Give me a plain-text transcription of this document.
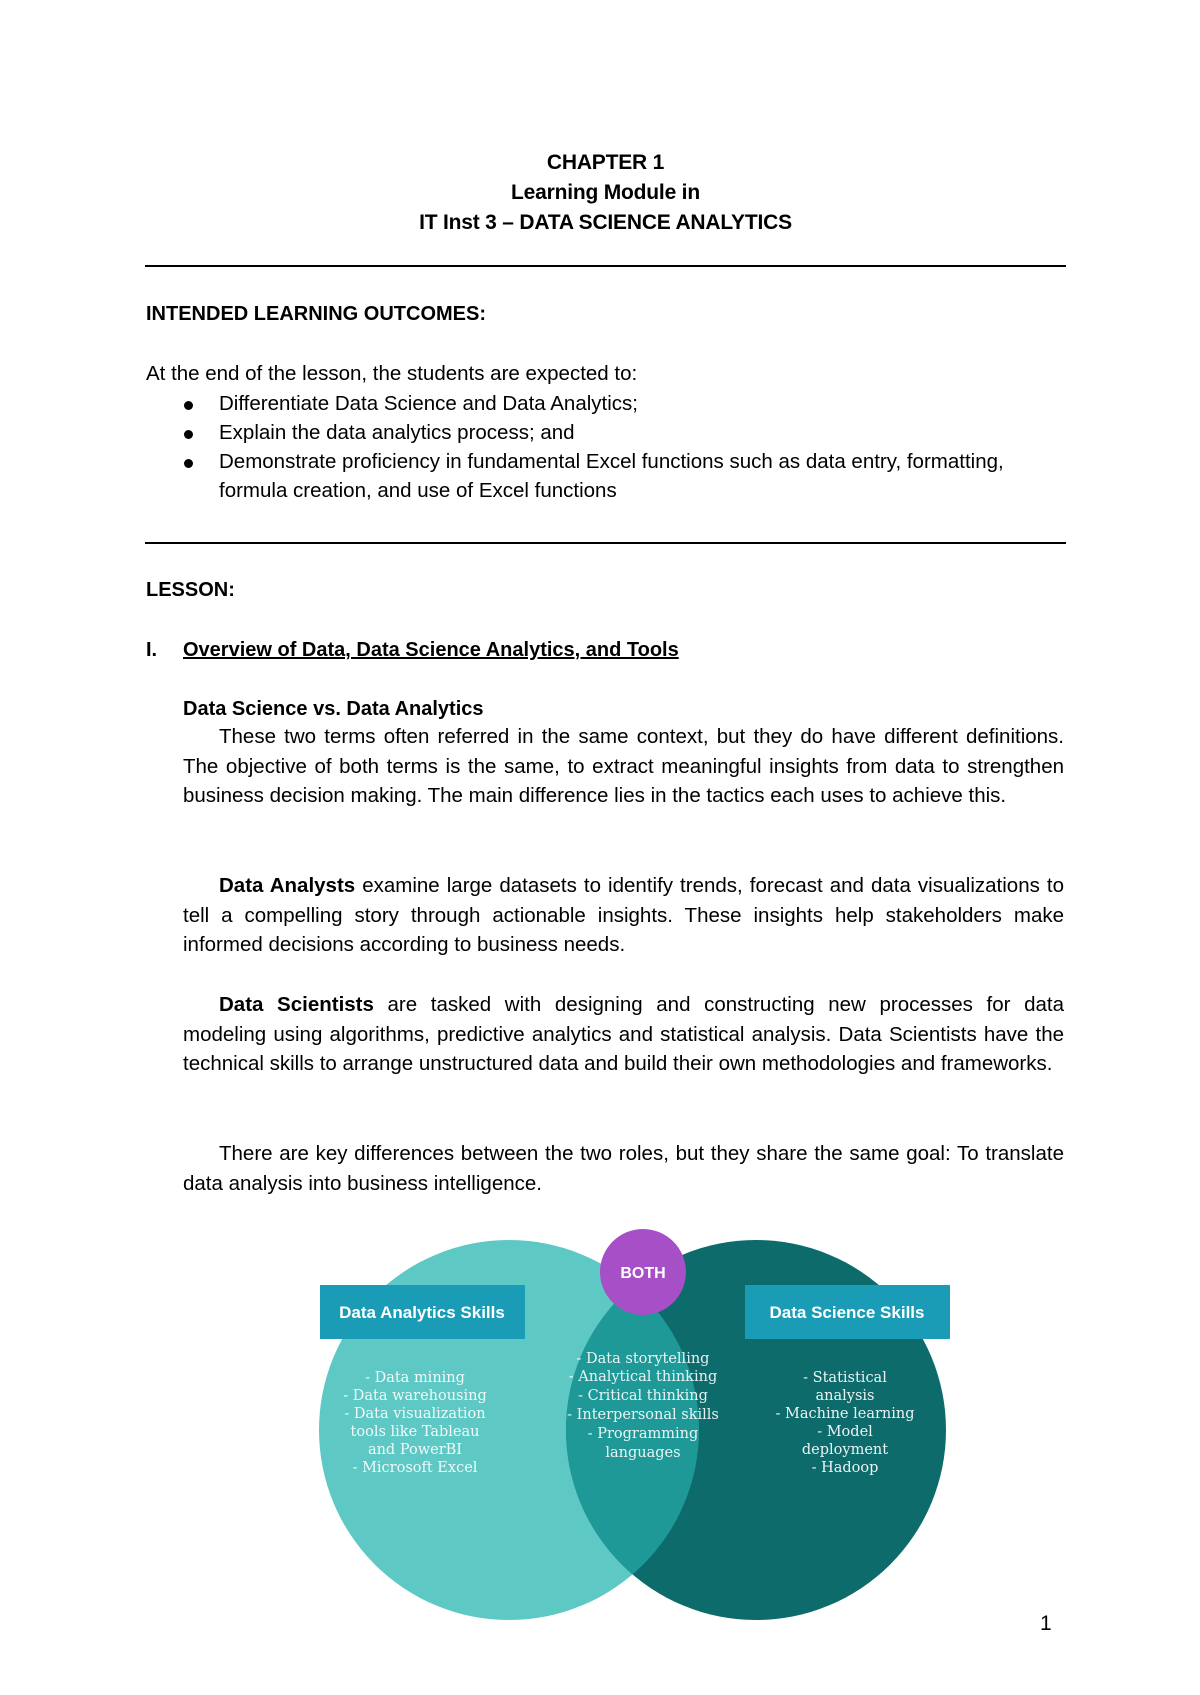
CHAPTER 1
Learning Module in
IT Inst 3 – DATA SCIENCE ANALYTICS
INTENDED LEARNING OUTCOMES:
At the end of the lesson, the students are expected to:
Differentiate Data Science and Data Analytics;
Explain the data analytics process; and
Demonstrate proficiency in fundamental Excel functions such as data entry, formatting, formula creation, and use of Excel functions
LESSON:
I. Overview of Data, Data Science Analytics, and Tools
Data Science vs. Data Analytics

These two terms often referred in the same context, but they do have different definitions. The objective of both terms is the same, to extract meaningful insights from data to strengthen business decision making. The main difference lies in the tactics each uses to achieve this.

Data Analysts examine large datasets to identify trends, forecast and data visualizations to tell a compelling story through actionable insights. These insights help stakeholders make informed decisions according to business needs.

Data Scientists are tasked with designing and constructing new processes for data modeling using algorithms, predictive analytics and statistical analysis. Data Scientists have the technical skills to arrange unstructured data and build their own methodologies and frameworks.

There are key differences between the two roles, but they share the same goal: To translate data analysis into business intelligence.

Data Analytics Skills	Data Science Skills
BOTH
- Data mining
- Data warehousing
- Data visualization
tools like Tableau
and PowerBI
- Microsoft Excel
- Data storytelling
- Analytical thinking
- Critical thinking
- Interpersonal skills
- Programming
languages
- Statistical
analysis
- Machine learning
- Model
deployment
- Hadoop
1
